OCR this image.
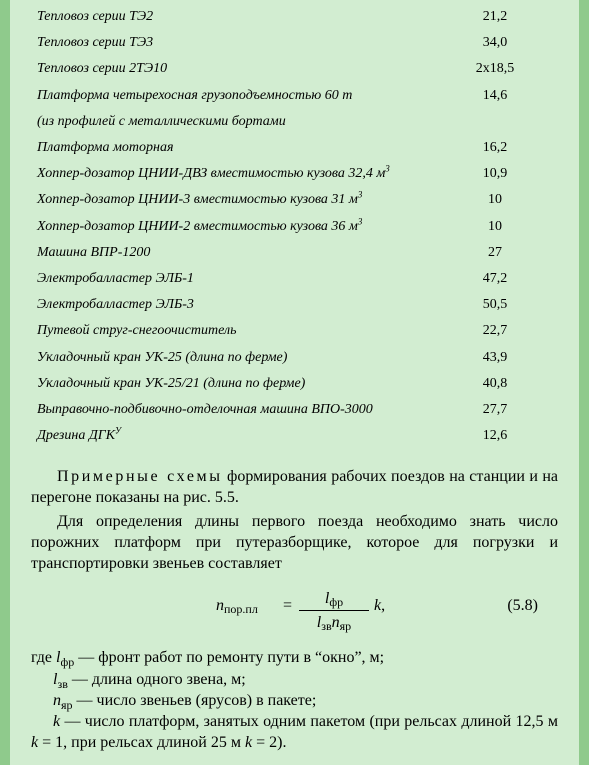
Тепловоз серии ТЭ2	21,2
Тепловоз серии ТЭ3	34,0
Тепловоз серии 2ТЭ10	2x18,5
Платформа четырехосная грузоподъемностью 60 т	14,6
(из профилей с металлическими бортами	
Платформа моторная	16,2
Хоппер-дозатор ЦНИИ-ДВЗ вместимостью кузова 32,4 $м^3$	10,9
Хоппер-дозатор ЦНИИ-3 вместимостью кузова 31 $м^3$	10
Хоппер-дозатор ЦНИИ-2 вместимостью кузова 36 $м^3$	10
Машина ВПР-1200	27
Электробалластер ЭЛБ-1	47,2
Электробалластер ЭЛБ-3	50,5
Путевой струг-снегоочиститель	22,7
Укладочный кран УК-25 (длина по ферме)	43,9
Укладочный кран УК-25/21 (длина по ферме)	40,8
Выправочно-подбивочно-отделочная машина ВПО-3000	27,7
Дрезина $ДГК^У$	12,6
Примерные схемы формирования рабочих поездов на станции и на перегоне показаны на рис. 5.5.
Для определения длины первого поезда необходимо знать число порожних платформ при путеразборщике, которое для погрузки и транспортировки звеньев составляет
$n_{пор.пл}$ =	$l_{фр}$
$l_{зв}n_{яр}$
k,	(5.8)
где $l_{фр}$ — фронт работ по ремонту пути в “окно”, м;
$l_{зв}$ — длина одного звена, м;
$n_{яр}$ — число звеньев (ярусов) в пакете;
k — число платформ, занятых одним пакетом (при рельсах длиной 12,5 м k = 1, при рельсах длиной 25 м k = 2).
